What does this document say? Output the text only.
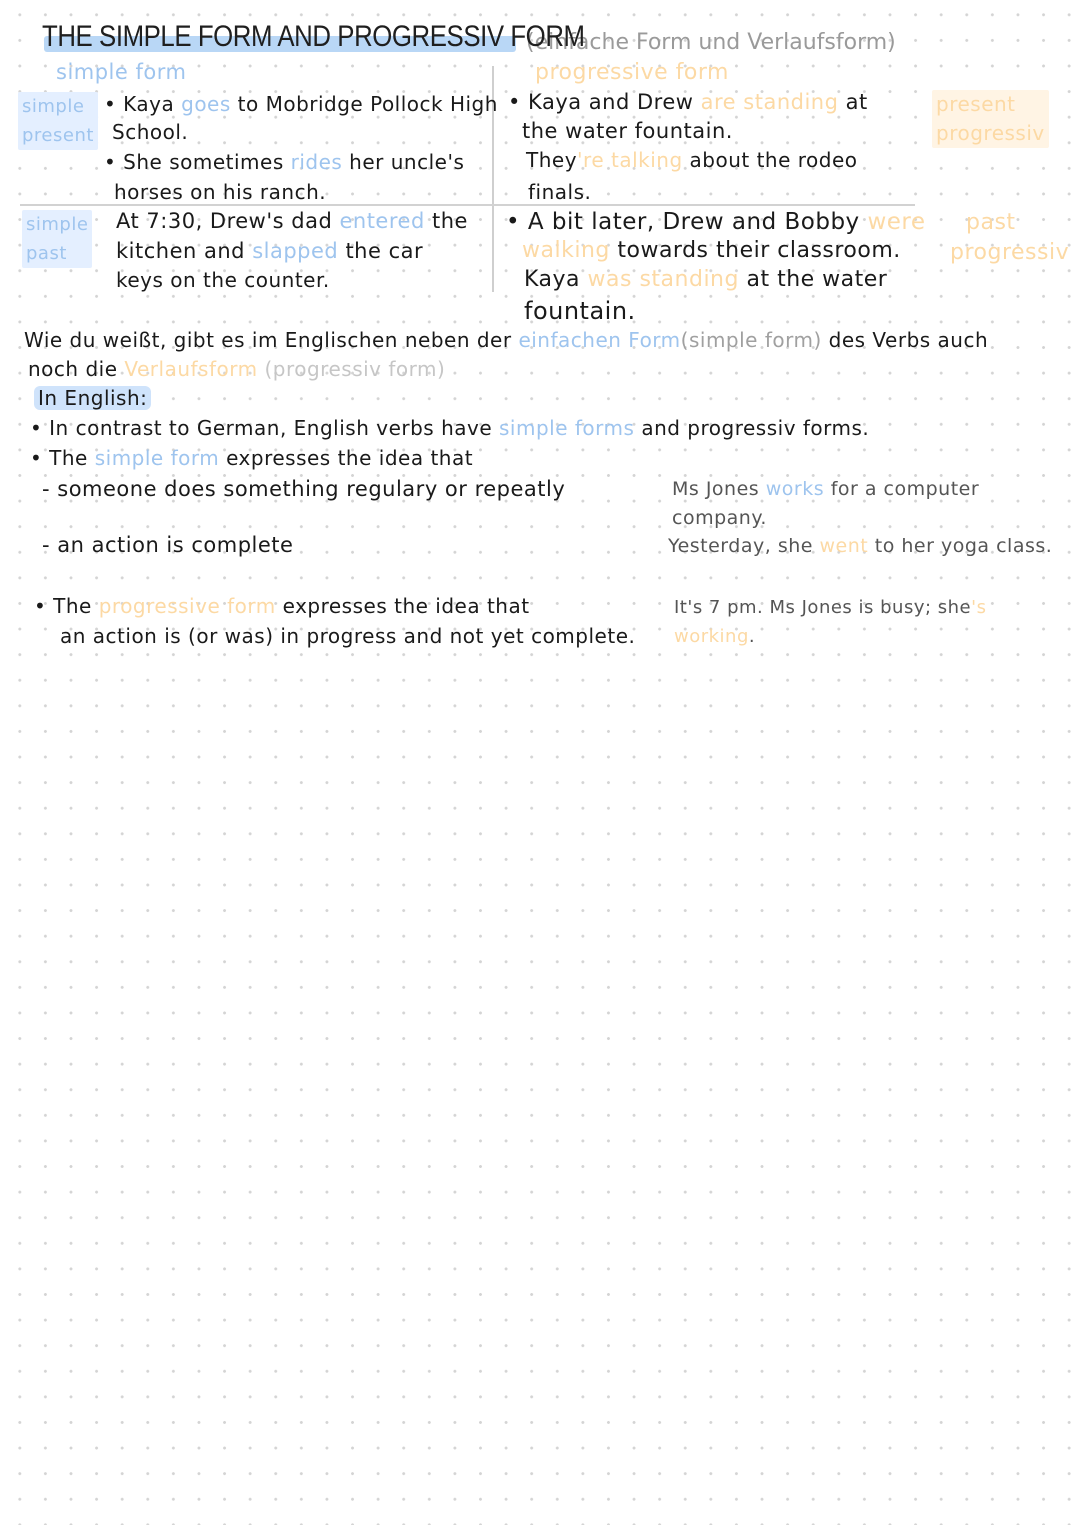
THE SIMPLE FORM AND PROGRESSIV FORM
(einfache Form und Verlaufsform)
simple form	progressive form
simple
present
simple
past
present
progressiv
past
progressiv
• Kaya goes to Mobridge Pollock High
School.
• She sometimes rides her uncle's
horses on his ranch.
• Kaya and Drew are standing at
the water fountain.
They're talking about the rodeo
finals.
At 7:30, Drew's dad entered the
kitchen and slapped the car
keys on the counter.
• A bit later, Drew and Bobby were
walking towards their classroom.
Kaya was standing at the water
fountain.
Wie du weißt, gibt es im Englischen neben der einfachen Form(simple form) des Verbs auch
noch die Verlaufsform (progressiv form)
In English:
• In contrast to German, English verbs have simple forms and progressiv forms.
• The simple form expresses the idea that
- someone does something regulary or repeatly
- an action is complete
• The progressive form expresses the idea that
an action is (or was) in progress and not yet complete.
Ms Jones works for a computer
company.
Yesterday, she went to her yoga class.
It's 7 pm. Ms Jones is busy; she's
working.
